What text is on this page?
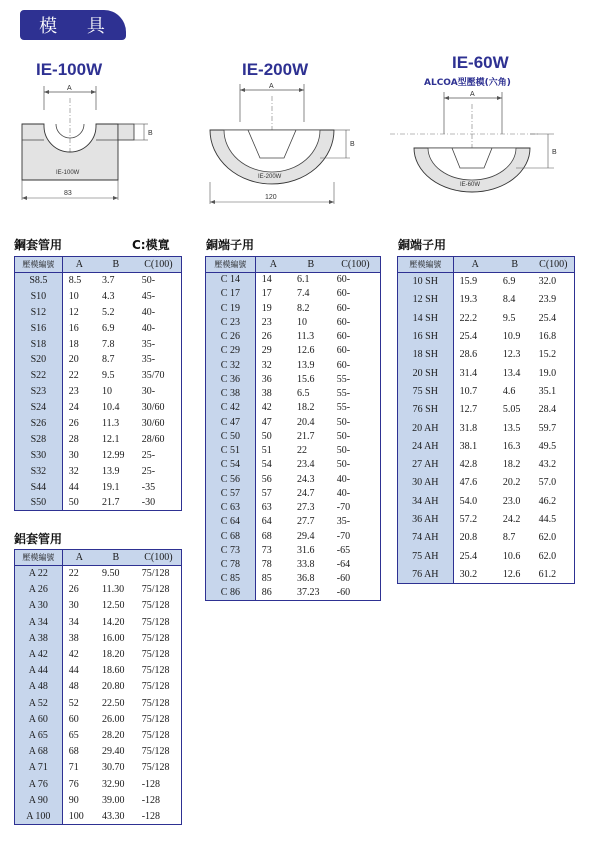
模 具
IE-100W	IE-200W	IE-60W
ALCOA型壓模(六角)
A
B
IE-100W
83
A
B
IE-200W
120
A
B
IE-60W
鋼套管用	C:模寬
鋁套管用
銅端子用	銅端子用
壓模編號	A	B	C(100)
S8.5	8.5	3.7	50-
S10	10	4.3	45-
S12	12	5.2	40-
S16	16	6.9	40-
S18	18	7.8	35-
S20	20	8.7	35-
S22	22	9.5	35/70
S23	23	10	30-
S24	24	10.4	30/60
S26	26	11.3	30/60
S28	28	12.1	28/60
S30	30	12.99	25-
S32	32	13.9	25-
S44	44	19.1	-35
S50	50	21.7	-30
壓模編號	A	B	C(100)
A 22	22	9.50	75/128
A 26	26	11.30	75/128
A 30	30	12.50	75/128
A 34	34	14.20	75/128
A 38	38	16.00	75/128
A 42	42	18.20	75/128
A 44	44	18.60	75/128
A 48	48	20.80	75/128
A 52	52	22.50	75/128
A 60	60	26.00	75/128
A 65	65	28.20	75/128
A 68	68	29.40	75/128
A 71	71	30.70	75/128
A 76	76	32.90	-128
A 90	90	39.00	-128
A 100	100	43.30	-128
壓模編號	A	B	C(100)
C 14	14	6.1	60-
C 17	17	7.4	60-
C 19	19	8.2	60-
C 23	23	10	60-
C 26	26	11.3	60-
C 29	29	12.6	60-
C 32	32	13.9	60-
C 36	36	15.6	55-
C 38	38	6.5	55-
C 42	42	18.2	55-
C 47	47	20.4	50-
C 50	50	21.7	50-
C 51	51	22	50-
C 54	54	23.4	50-
C 56	56	24.3	40-
C 57	57	24.7	40-
C 63	63	27.3	-70
C 64	64	27.7	35-
C 68	68	29.4	-70
C 73	73	31.6	-65
C 78	78	33.8	-64
C 85	85	36.8	-60
C 86	86	37.23	-60
壓模編號	A	B	C(100)
10 SH	15.9	6.9	32.0
12 SH	19.3	8.4	23.9
14 SH	22.2	9.5	25.4
16 SH	25.4	10.9	16.8
18 SH	28.6	12.3	15.2
20 SH	31.4	13.4	19.0
75 SH	10.7	4.6	35.1
76 SH	12.7	5.05	28.4
20 AH	31.8	13.5	59.7
24 AH	38.1	16.3	49.5
27 AH	42.8	18.2	43.2
30 AH	47.6	20.2	57.0
34 AH	54.0	23.0	46.2
36 AH	57.2	24.2	44.5
74 AH	20.8	8.7	62.0
75 AH	25.4	10.6	62.0
76 AH	30.2	12.6	61.2
